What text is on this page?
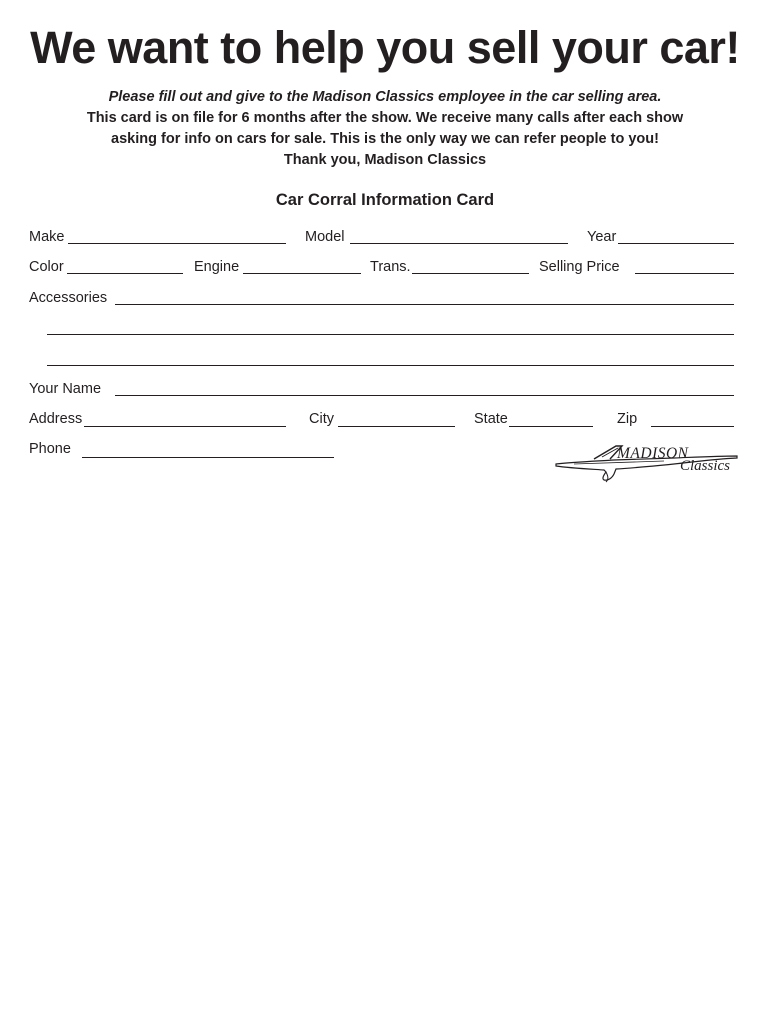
We want to help you sell your car!
Please fill out and give to the Madison Classics employee in the car selling area.
This card is on file for 6 months after the show. We receive many calls after each show
asking for info on cars for sale. This is the only way we can refer people to you!
Thank you, Madison Classics
Car Corral Information Card
Make	Model	Year
Color	Engine	Trans.	Selling Price
Accessories
Your Name
Address	City	State	Zip
Phone	MADISON
Classics
